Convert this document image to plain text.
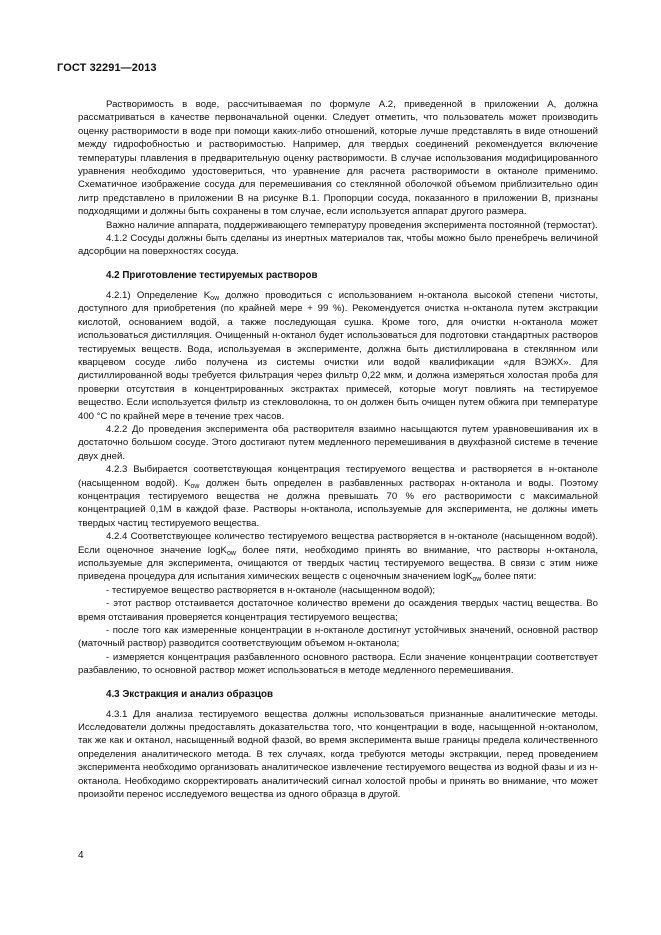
ГОСТ 32291—2013

Растворимость в воде, рассчитываемая по формуле А.2, приведенной в приложении А, должна рассматриваться в качестве первоначальной оценки. Следует отметить, что пользователь может производить оценку растворимости в воде при помощи каких-либо отношений, которые лучше представлять в виде отношений между гидрофобностью и растворимостью. Например, для твердых соединений рекомендуется включение температуры плавления в предварительную оценку растворимости. В случае использования модифицированного уравнения необходимо удостовериться, что уравнение для расчета растворимости в октаноле применимо. Схематичное изображение сосуда для перемешивания со стеклянной оболочкой объемом приблизительно один литр представлено в приложении В на рисунке В.1. Пропорции сосуда, показанного в приложении В, признаны подходящими и должны быть сохранены в том случае, если используется аппарат другого размера.

Важно наличие аппарата, поддерживающего температуру проведения эксперимента постоянной (термостат).

4.1.2 Сосуды должны быть сделаны из инертных материалов так, чтобы можно было пренебречь величиной адсорбции на поверхностях сосуда.

4.2 Приготовление тестируемых растворов

4.2.1) Определение $K_{ow}$ должно проводиться с использованием н-октанола высокой степени чистоты, доступного для приобретения (по крайней мере + 99 %). Рекомендуется очистка н-октанола путем экстракции кислотой, основанием водой, а также последующая сушка. Кроме того, для очистки н-октанола может использоваться дистилляция. Очищенный н-октанол будет использоваться для подготовки стандартных растворов тестируемых веществ. Вода, используемая в эксперименте, должна быть дистиллирована в стеклянном или кварцевом сосуде либо получена из системы очистки или водой квалификации «для ВЭЖХ». Для дистиллированной воды требуется фильтрация через фильтр 0,22 мкм, и должна измеряться холостая проба для проверки отсутствия в концентрированных экстрактах примесей, которые могут повлиять на тестируемое вещество. Если используется фильтр из стекловолокна, то он должен быть очищен путем обжига при температуре 400 °С по крайней мере в течение трех часов.

4.2.2 До проведения эксперимента оба растворителя взаимно насыщаются путем уравновешивания их в достаточно большом сосуде. Этого достигают путем медленного перемешивания в двухфазной системе в течение двух дней.

4.2.3 Выбирается соответствующая концентрация тестируемого вещества и растворяется в н-октаноле (насыщенном водой). $K_{ow}$ должен быть определен в разбавленных растворах н-октанола и воды. Поэтому концентрация тестируемого вещества не должна превышать 70 % его растворимости с максимальной концентрацией 0,1М в каждой фазе. Растворы н-октанола, используемые для эксперимента, не должны иметь твердых частиц тестируемого вещества.

4.2.4 Соответствующее количество тестируемого вещества растворяется в н-октаноле (насыщенном водой). Если оценочное значение logK$_{ow}$ более пяти, необходимо принять во внимание, что растворы н-октанола, используемые для эксперимента, очищаются от твердых частиц тестируемого вещества. В связи с этим ниже приведена процедура для испытания химических веществ с оценочным значением logK$_{ow}$ более пяти:

- тестируемое вещество растворяется в н-октаноле (насыщенном водой);

- этот раствор отстаивается достаточное количество времени до осаждения твердых частиц вещества. Во время отстаивания проверяется концентрация тестируемого вещества;

- после того как измеренные концентрации в н-октаноле достигнут устойчивых значений, основной раствор (маточный раствор) разводится соответствующим объемом н-октанола;

- измеряется концентрация разбавленного основного раствора. Если значение концентрации соответствует разбавлению, то основной раствор может использоваться в методе медленного перемешивания.

4.3 Экстракция и анализ образцов

4.3.1 Для анализа тестируемого вещества должны использоваться признанные аналитические методы. Исследователи должны предоставлять доказательства того, что концентрации в воде, насыщенной н-октанолом, так же как и октанол, насыщенный водной фазой, во время эксперимента выше границы предела количественного определения аналитического метода. В тех случаях, когда требуются методы экстракции, перед проведением эксперимента необходимо организовать аналитическое извлечение тестируемого вещества из водной фазы и из н-октанола. Необходимо скорректировать аналитический сигнал холостой пробы и принять во внимание, что может произойти перенос исследуемого вещества из одного образца в другой.

4
